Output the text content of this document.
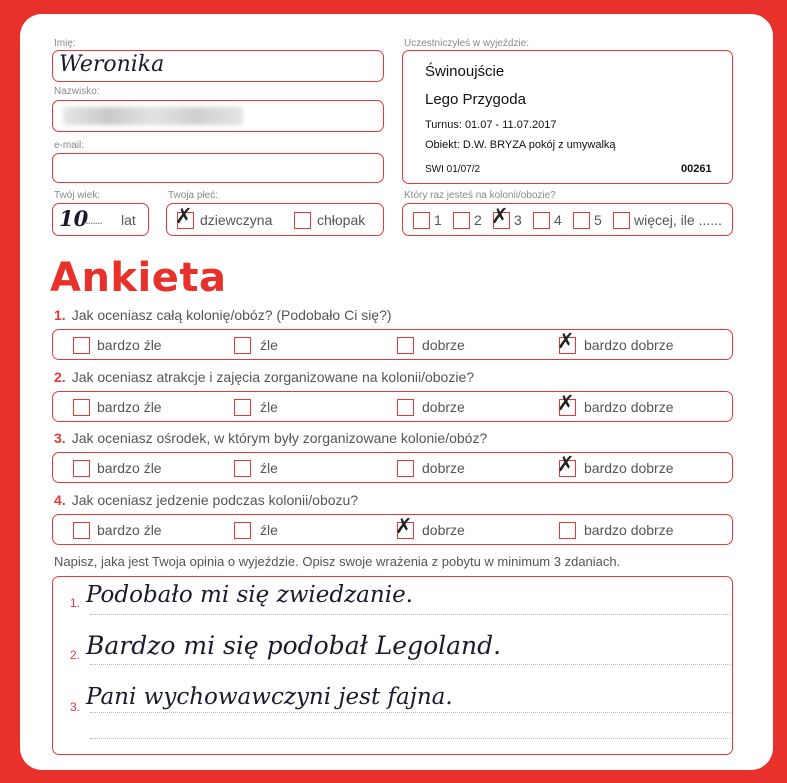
Imię:
Weronika
Nazwisko:
e-mail:
Twój wiek:
10
........ lat
Twoja płeć:
✗ dziewczyna	chłopak
Uczestniczyłeś w wyjeździe:
Świnoujście
Lego Przygoda
Turnus: 01.07 - 11.07.2017
Obiekt: D.W. BRYZA pokój z umywalką
SWI 01/07/2	00261
Który raz jesteś na kolonii/obozie?
1 2 ✗ 3 4 5 więcej, ile ......
Ankieta
1. Jak oceniasz całą kolonię/obóz? (Podobało Ci się?)
bardzo źle	źle	dobrze	✗ bardzo dobrze
2. Jak oceniasz atrakcje i zajęcia zorganizowane na kolonii/obozie?
bardzo źle	źle	dobrze	✗ bardzo dobrze
3. Jak oceniasz ośrodek, w którym były zorganizowane kolonie/obóz?
bardzo źle	źle	dobrze	✗ bardzo dobrze
4. Jak oceniasz jedzenie podczas kolonii/obozu?
bardzo źle	źle	✗ dobrze	bardzo dobrze
Napisz, jaka jest Twoja opinia o wyjeździe. Opisz swoje wrażenia z pobytu w minimum 3 zdaniach.
1. Podobało mi się zwiedzanie.
2. Bardzo mi się podobał Legoland.
3. Pani wychowawczyni jest fajna.
